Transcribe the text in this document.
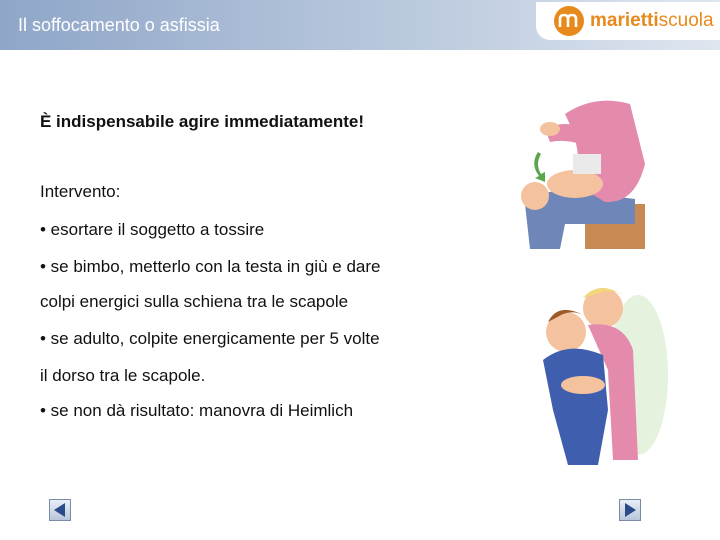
Il soffocamento o asfissia	mariettiscuola
È indispensabile agire immediatamente!
Intervento:
• esortare il soggetto a tossire
• se bimbo, metterlo con la testa in giù e dare
colpi energici sulla schiena tra le scapole
• se adulto, colpite energicamente per 5 volte
il dorso tra le scapole.
• se non dà risultato: manovra di Heimlich
